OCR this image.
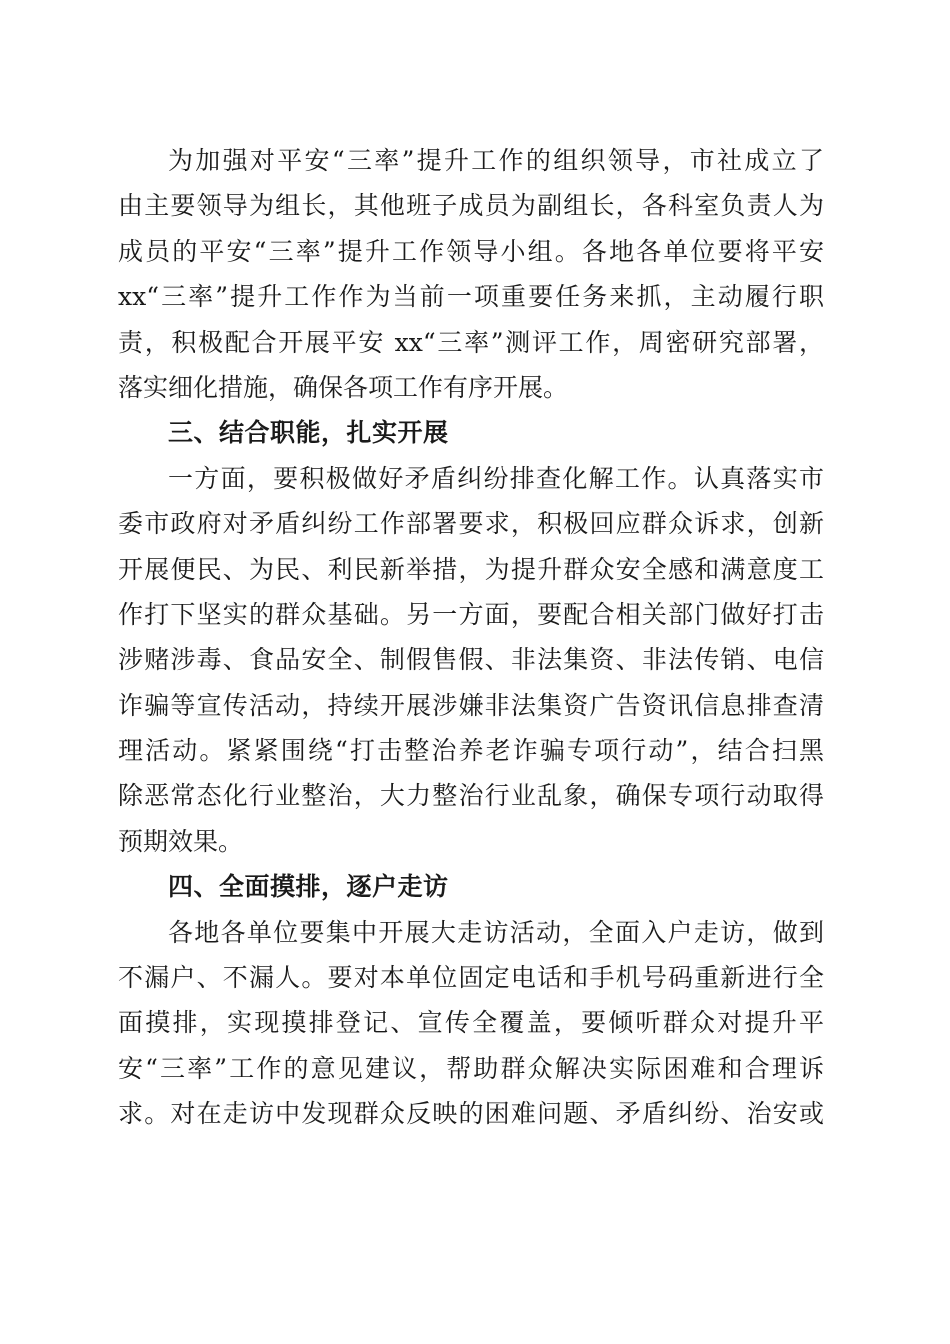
为加强对平安“三率”提升工作的组织领导，市社成立了
由主要领导为组长，其他班子成员为副组长，各科室负责人为
成员的平安“三率”提升工作领导小组。各地各单位要将平安
xx“三率”提升工作作为当前一项重要任务来抓，主动履行职
责，积极配合开展平安 xx“三率”测评工作，周密研究部署，
落实细化措施，确保各项工作有序开展。
三、结合职能，扎实开展
一方面，要积极做好矛盾纠纷排查化解工作。认真落实市
委市政府对矛盾纠纷工作部署要求，积极回应群众诉求，创新
开展便民、为民、利民新举措，为提升群众安全感和满意度工
作打下坚实的群众基础。另一方面，要配合相关部门做好打击
涉赌涉毒、食品安全、制假售假、非法集资、非法传销、电信
诈骗等宣传活动，持续开展涉嫌非法集资广告资讯信息排查清
理活动。紧紧围绕“打击整治养老诈骗专项行动”，结合扫黑
除恶常态化行业整治，大力整治行业乱象，确保专项行动取得
预期效果。
四、全面摸排，逐户走访
各地各单位要集中开展大走访活动，全面入户走访，做到
不漏户、不漏人。要对本单位固定电话和手机号码重新进行全
面摸排，实现摸排登记、宣传全覆盖，要倾听群众对提升平
安“三率”工作的意见建议，帮助群众解决实际困难和合理诉
求。对在走访中发现群众反映的困难问题、矛盾纠纷、治安或
